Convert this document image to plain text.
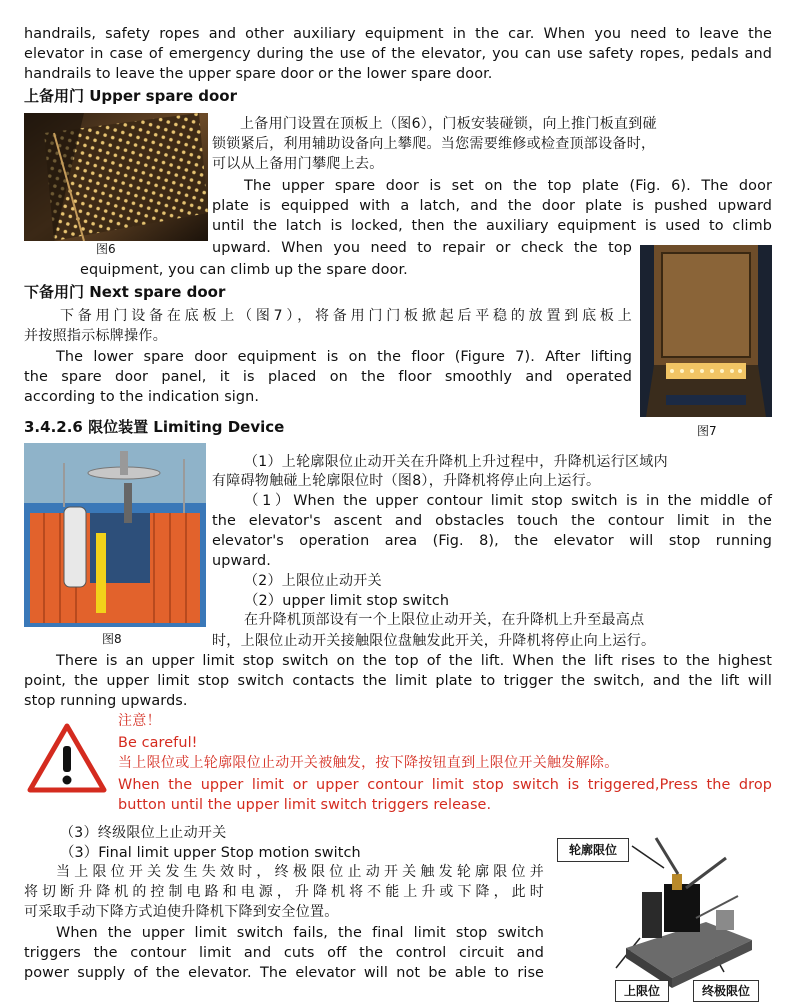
handrails, safety ropes and other auxiliary equipment in the car. When you need to leave the
elevator in case of emergency during the use of the elevator, you can use safety ropes, pedals and
handrails to leave the upper spare door or the lower spare door.
上备用门 Upper spare door
图6
上备用门设置在顶板上（图6），门板安装碰锁，向上推门板直到碰
锁锁紧后，利用辅助设备向上攀爬。当您需要维修或检查顶部设备时，
可以从上备用门攀爬上去。
The upper spare door is set on the top plate (Fig. 6). The door
plate is equipped with a latch, and the door plate is pushed upward
until the latch is locked, then the auxiliary equipment is used to climb
upward. When you need to repair or check the top
equipment, you can climb up the spare door.
图7
下备用门 Next spare door
下备用门设备在底板上（图7），将备用门门板掀起后平稳的放置到底板上
并按照指示标牌操作。
The lower spare door equipment is on the floor (Figure 7). After lifting
the spare door panel, it is placed on the floor smoothly and operated
according to the indication sign.
3.4.2.6 限位装置 Limiting Device
图8
（1）上轮廓限位止动开关在升降机上升过程中，升降机运行区域内
有障碍物触碰上轮廓限位时（图8），升降机将停止向上运行。
（1）When the upper contour limit stop switch is in the middle of
the elevator's ascent and obstacles touch the contour limit in the
elevator's operation area (Fig. 8), the elevator will stop running
upward.
（2）上限位止动开关
（2）upper limit stop switch
在升降机顶部设有一个上限位止动开关，在升降机上升至最高点
时，上限位止动开关接触限位盘触发此开关，升降机将停止向上运行。
There is an upper limit stop switch on the top of the lift. When the lift rises to the highest
point, the upper limit stop switch contacts the limit plate to trigger the switch, and the lift will
stop running upwards.
注意！
Be careful!
当上限位或上轮廓限位止动开关被触发，按下降按钮直到上限位开关触发解除。
When the upper limit or upper contour limit stop switch is triggered,Press the drop
button until the upper limit switch triggers release.
（3）终级限位上止动开关
（3）Final limit upper Stop motion switch
当上限位开关发生失效时，终极限位止动开关触发轮廓限位并
将切断升降机的控制电路和电源，升降机将不能上升或下降，此时
可采取手动下降方式迫使升降机下降到安全位置。
When the upper limit switch fails, the final limit stop switch
triggers the contour limit and cuts off the control circuit and
power supply of the elevator. The elevator will not be able to rise
轮廓限位
上限位	终极限位
